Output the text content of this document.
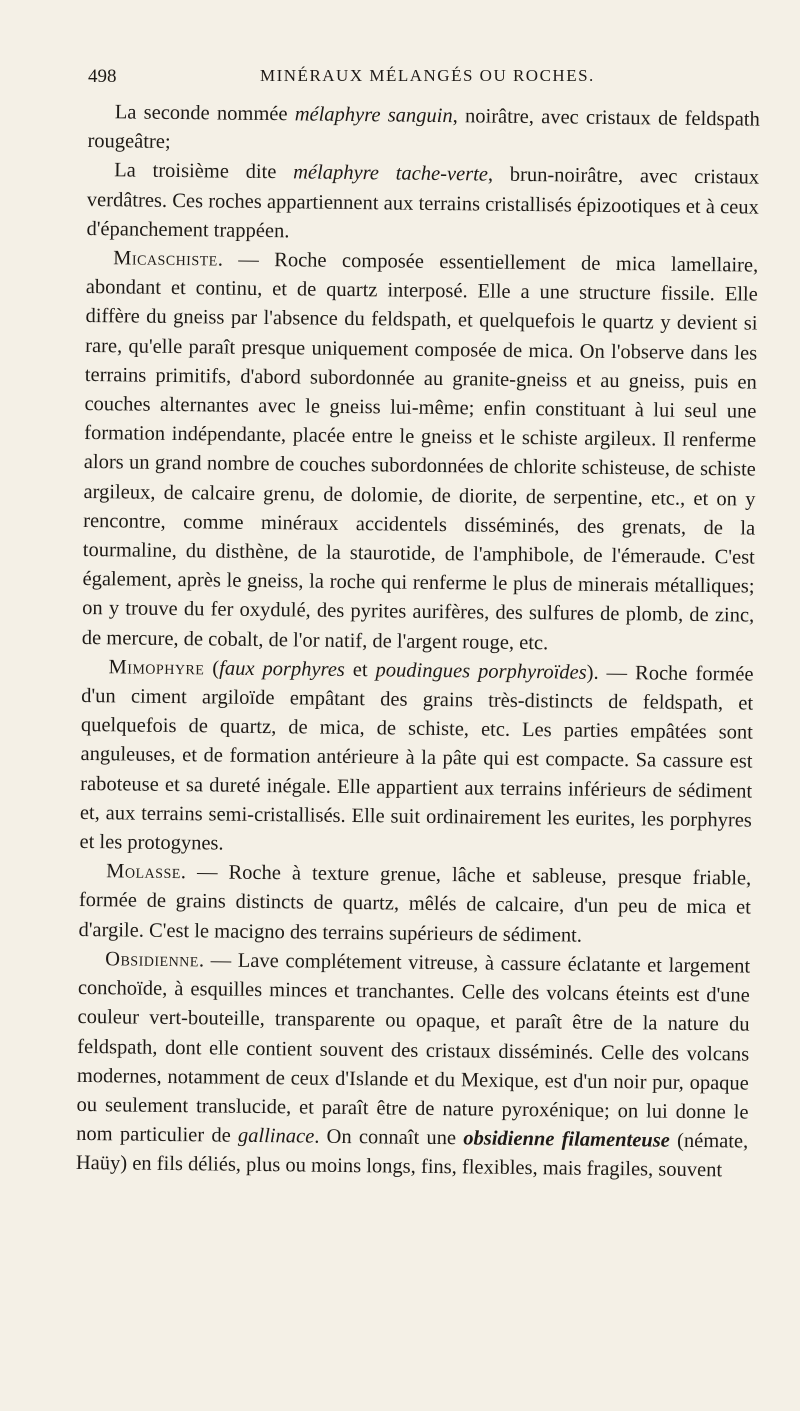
498	MINÉRAUX MÉLANGÉS OU ROCHES.

La seconde nommée mélaphyre sanguin, noirâtre, avec cristaux de feldspath rougeâtre;

La troisième dite mélaphyre tache-verte, brun-noirâtre, avec cristaux verdâtres. Ces roches appartiennent aux terrains cristallisés épizootiques et à ceux d'épanchement trappéen.

Micaschiste. — Roche composée essentiellement de mica lamellaire, abondant et continu, et de quartz interposé. Elle a une structure fissile. Elle diffère du gneiss par l'absence du feldspath, et quelquefois le quartz y devient si rare, qu'elle paraît presque uniquement composée de mica. On l'observe dans les terrains primitifs, d'abord subordonnée au granite-gneiss et au gneiss, puis en couches alternantes avec le gneiss lui-même; enfin constituant à lui seul une formation indépendante, placée entre le gneiss et le schiste argileux. Il renferme alors un grand nombre de couches subordonnées de chlorite schisteuse, de schiste argileux, de calcaire grenu, de dolomie, de diorite, de serpentine, etc., et on y rencontre, comme minéraux accidentels disséminés, des grenats, de la tourmaline, du disthène, de la staurotide, de l'amphibole, de l'émeraude. C'est également, après le gneiss, la roche qui renferme le plus de minerais métalliques; on y trouve du fer oxydulé, des pyrites aurifères, des sulfures de plomb, de zinc, de mercure, de cobalt, de l'or natif, de l'argent rouge, etc.

Mimophyre (faux porphyres et poudingues porphyroïdes). — Roche formée d'un ciment argiloïde empâtant des grains très-distincts de feldspath, et quelquefois de quartz, de mica, de schiste, etc. Les parties empâtées sont anguleuses, et de formation antérieure à la pâte qui est compacte. Sa cassure est raboteuse et sa dureté inégale. Elle appartient aux terrains inférieurs de sédiment et, aux terrains semi-cristallisés. Elle suit ordinairement les eurites, les porphyres et les protogynes.

Molasse. — Roche à texture grenue, lâche et sableuse, presque friable, formée de grains distincts de quartz, mêlés de calcaire, d'un peu de mica et d'argile. C'est le macigno des terrains supérieurs de sédiment.

Obsidienne. — Lave complétement vitreuse, à cassure éclatante et largement conchoïde, à esquilles minces et tranchantes. Celle des volcans éteints est d'une couleur vert-bouteille, transparente ou opaque, et paraît être de la nature du feldspath, dont elle contient souvent des cristaux disséminés. Celle des volcans modernes, notamment de ceux d'Islande et du Mexique, est d'un noir pur, opaque ou seulement translucide, et paraît être de nature pyroxénique; on lui donne le nom particulier de gallinace. On connaît une obsidienne filamenteuse (némate, Haüy) en fils déliés, plus ou moins longs, fins, flexibles, mais fragiles, souvent
